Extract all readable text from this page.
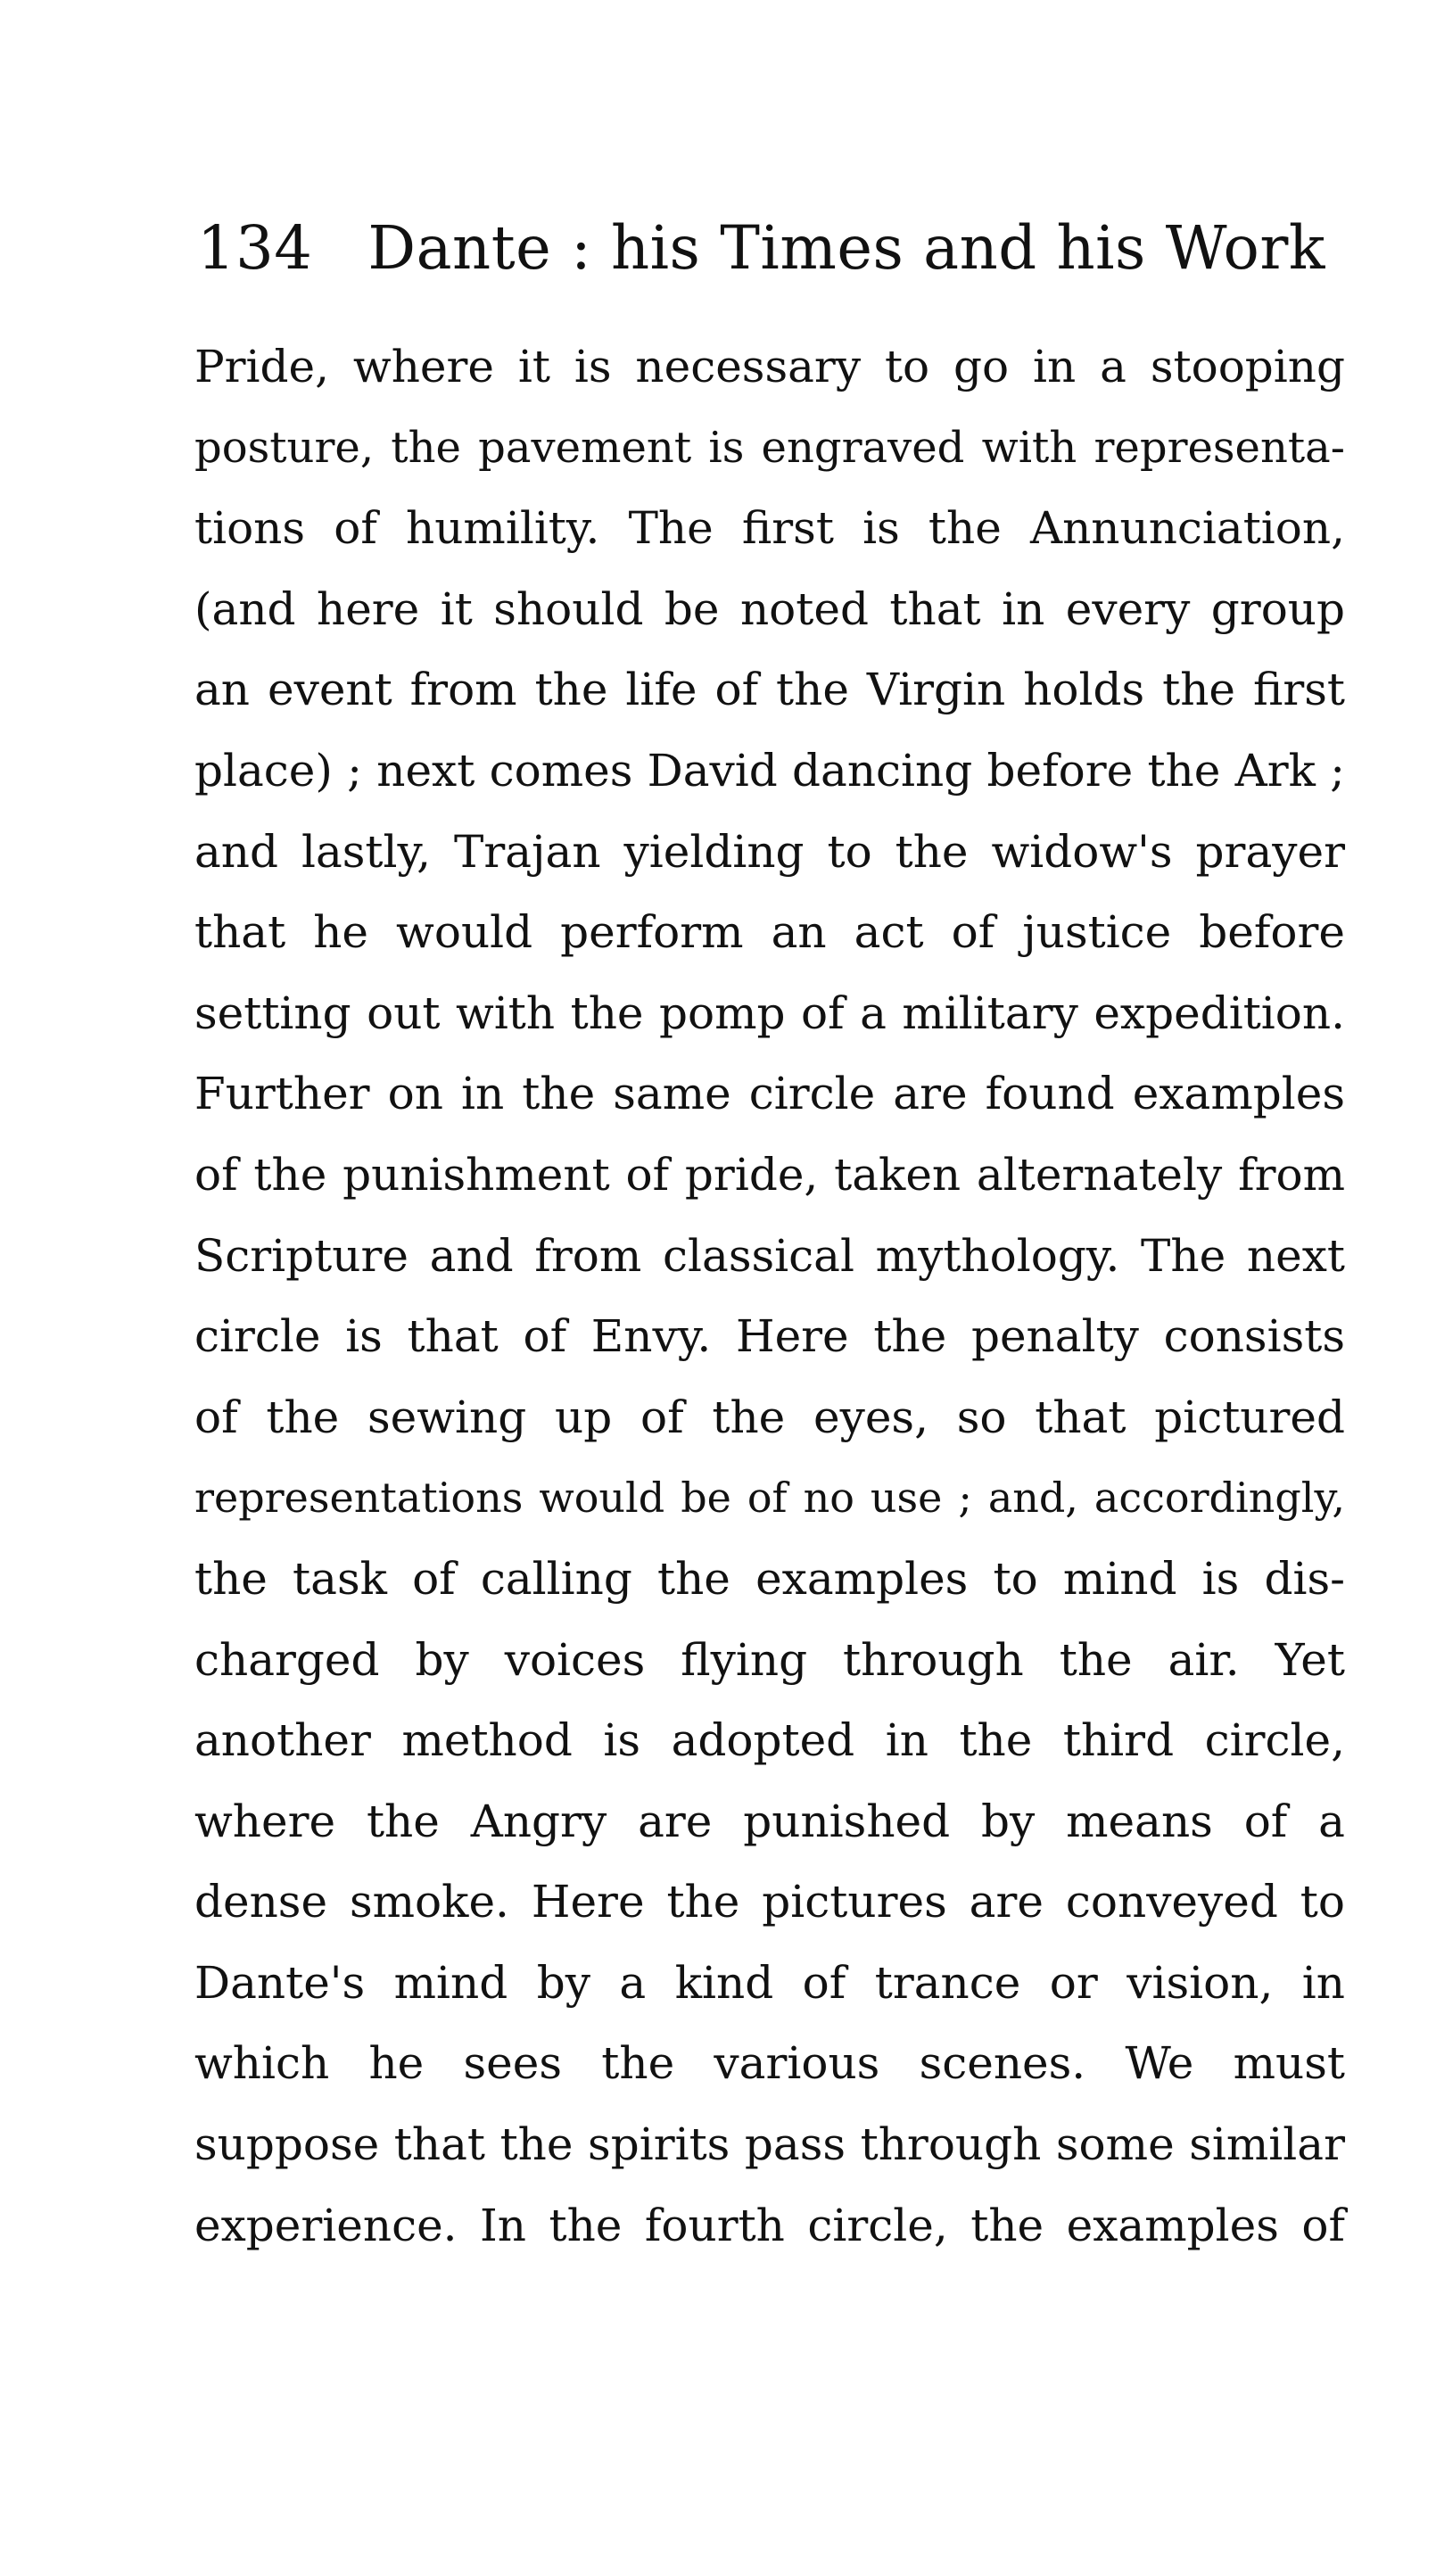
134 Dante : his Times and his Work
Pride, where it is necessary to go in a stooping
posture, the pavement is engraved with representa-
tions of humility. The first is the Annunciation,
(and here it should be noted that in every group
an event from the life of the Virgin holds the first
place) ; next comes David dancing before the Ark ;
and lastly, Trajan yielding to the widow's prayer
that he would perform an act of justice before
setting out with the pomp of a military expedition.
Further on in the same circle are found examples
of the punishment of pride, taken alternately from
Scripture and from classical mythology. The next
circle is that of Envy. Here the penalty consists
of the sewing up of the eyes, so that pictured
representations would be of no use ; and, accordingly,
the task of calling the examples to mind is dis-
charged by voices flying through the air. Yet
another method is adopted in the third circle,
where the Angry are punished by means of a
dense smoke. Here the pictures are conveyed to
Dante's mind by a kind of trance or vision, in
which he sees the various scenes. We must
suppose that the spirits pass through some similar
experience. In the fourth circle, the examples of
